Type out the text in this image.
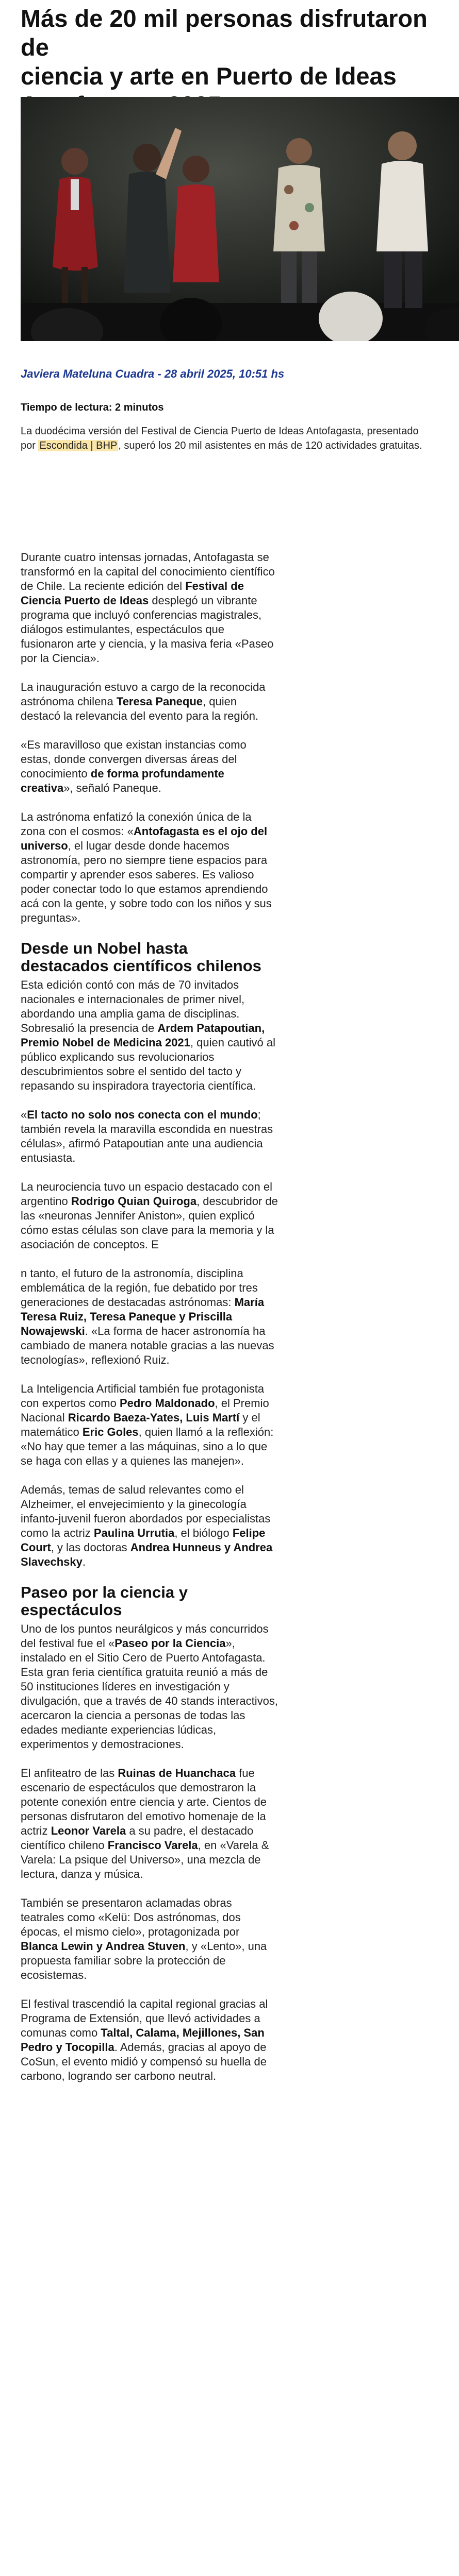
Más de 20 mil personas disfrutaron de
ciencia y arte en Puerto de Ideas
Javiera Mateluna Cuadra - 28 abril 2025, 10:51 hs
Tiempo de lectura: 2 minutos
La duodécima versión del Festival de Ciencia Puerto de Ideas Antofagasta, presentado por Escondida | BHP , superó los 20 mil asistentes en más de 120 actividades gratuitas.

Durante cuatro intensas jornadas, Antofagasta se transformó en la capital del conocimiento científico de Chile. La reciente edición del Festival de Ciencia Puerto de Ideas desplegó un vibrante programa que incluyó conferencias magistrales, diálogos estimulantes, espectáculos que fusionaron arte y ciencia, y la masiva feria «Paseo por la Ciencia».

La inauguración estuvo a cargo de la reconocida astrónoma chilena Teresa Paneque, quien destacó la relevancia del evento para la región.

«Es maravilloso que existan instancias como estas, donde convergen diversas áreas del conocimiento de forma profundamente creativa», señaló Paneque.

La astrónoma enfatizó la conexión única de la zona con el cosmos: «Antofagasta es el ojo del universo, el lugar desde donde hacemos astronomía, pero no siempre tiene espacios para compartir y aprender esos saberes. Es valioso poder conectar todo lo que estamos aprendiendo acá con la gente, y sobre todo con los niños y sus preguntas».

Desde un Nobel hasta destacados científicos chilenos

Esta edición contó con más de 70 invitados nacionales e internacionales de primer nivel, abordando una amplia gama de disciplinas. Sobresalió la presencia de Ardem Patapoutian, Premio Nobel de Medicina 2021, quien cautivó al público explicando sus revolucionarios descubrimientos sobre el sentido del tacto y repasando su inspiradora trayectoria científica.

«El tacto no solo nos conecta con el mundo; también revela la maravilla escondida en nuestras células», afirmó Patapoutian ante una audiencia entusiasta.

La neurociencia tuvo un espacio destacado con el argentino Rodrigo Quian Quiroga, descubridor de las «neuronas Jennifer Aniston», quien explicó cómo estas células son clave para la memoria y la asociación de conceptos. E

n tanto, el futuro de la astronomía, disciplina emblemática de la región, fue debatido por tres generaciones de destacadas astrónomas: María Teresa Ruiz, Teresa Paneque y Priscilla Nowajewski. «La forma de hacer astronomía ha cambiado de manera notable gracias a las nuevas tecnologías», reflexionó Ruiz.

La Inteligencia Artificial también fue protagonista con expertos como Pedro Maldonado, el Premio Nacional Ricardo Baeza-Yates, Luis Martí y el matemático Eric Goles, quien llamó a la reflexión: «No hay que temer a las máquinas, sino a lo que se haga con ellas y a quienes las manejen».

Además, temas de salud relevantes como el Alzheimer, el envejecimiento y la ginecología infanto-juvenil fueron abordados por especialistas como la actriz Paulina Urrutia, el biólogo Felipe Court, y las doctoras Andrea Hunneus y Andrea Slavechsky.

Paseo por la ciencia y espectáculos

Uno de los puntos neurálgicos y más concurridos del festival fue el «Paseo por la Ciencia», instalado en el Sitio Cero de Puerto Antofagasta. Esta gran feria científica gratuita reunió a más de 50 instituciones líderes en investigación y divulgación, que a través de 40 stands interactivos, acercaron la ciencia a personas de todas las edades mediante experiencias lúdicas, experimentos y demostraciones.

El anfiteatro de las Ruinas de Huanchaca fue escenario de espectáculos que demostraron la potente conexión entre ciencia y arte. Cientos de personas disfrutaron del emotivo homenaje de la actriz Leonor Varela a su padre, el destacado científico chileno Francisco Varela, en «Varela & Varela: La psique del Universo», una mezcla de lectura, danza y música.

También se presentaron aclamadas obras teatrales como «Kelü: Dos astrónomas, dos épocas, el mismo cielo», protagonizada por Blanca Lewin y Andrea Stuven, y «Lento», una propuesta familiar sobre la protección de ecosistemas.

El festival trascendió la capital regional gracias al Programa de Extensión, que llevó actividades a comunas como Taltal, Calama, Mejillones, San Pedro y Tocopilla. Además, gracias al apoyo de CoSun, el evento midió y compensó su huella de carbono, logrando ser carbono neutral.
